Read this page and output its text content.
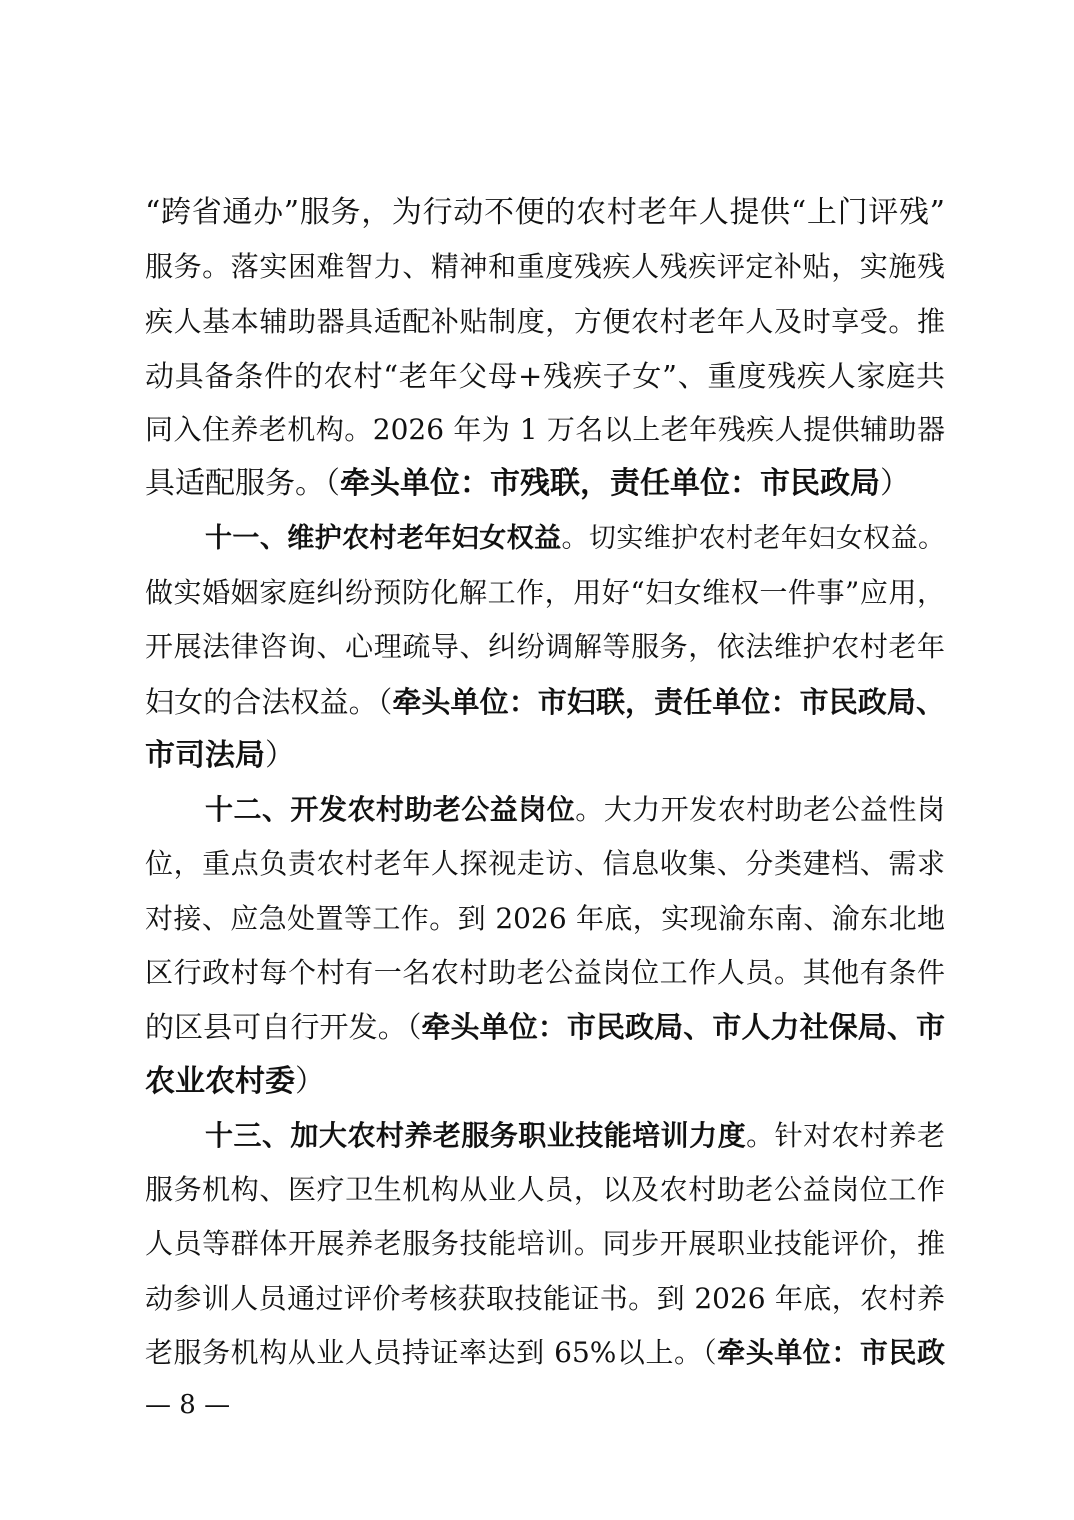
“跨省通办”服务，为行动不便的农村老年人提供“上门评残”
服务。落实困难智力、精神和重度残疾人残疾评定补贴，实施残
疾人基本辅助器具适配补贴制度，方便农村老年人及时享受。推
动具备条件的农村“老年父母+残疾子女”、重度残疾人家庭共
同入住养老机构。2026 年为 1 万名以上老年残疾人提供辅助器
具适配服务。（牵头单位：市残联，责任单位：市民政局）
十一、维护农村老年妇女权益。切实维护农村老年妇女权益。
做实婚姻家庭纠纷预防化解工作，用好“妇女维权一件事”应用，
开展法律咨询、心理疏导、纠纷调解等服务，依法维护农村老年
妇女的合法权益。（牵头单位：市妇联，责任单位：市民政局、
市司法局）
十二、开发农村助老公益岗位。大力开发农村助老公益性岗
位，重点负责农村老年人探视走访、信息收集、分类建档、需求
对接、应急处置等工作。到 2026 年底，实现渝东南、渝东北地
区行政村每个村有一名农村助老公益岗位工作人员。其他有条件
的区县可自行开发。（牵头单位：市民政局、市人力社保局、市
农业农村委）
十三、加大农村养老服务职业技能培训力度。针对农村养老
服务机构、医疗卫生机构从业人员，以及农村助老公益岗位工作
人员等群体开展养老服务技能培训。同步开展职业技能评价，推
动参训人员通过评价考核获取技能证书。到 2026 年底，农村养
老服务机构从业人员持证率达到 65%以上。（牵头单位：市民政
— 8 —
